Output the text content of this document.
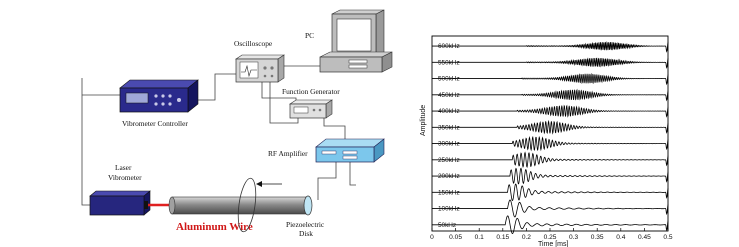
PC
Oscilloscope
Function Generator
Vibrometer Controller
RF Amplifier
Laser
Vibrometer
Aluminum Wire	Piezoelectric
Disk
600kHz
550kHz
500kHz
450kHz
400kHz
350kHz
300kHz
250kHz
200kHz
150kHz
100kHz
50kHz
0 0.05 0.1 0.15 0.2 0.25 0.3 0.35 0.4 0.45 0.5
Time [ms]
Amplitude
